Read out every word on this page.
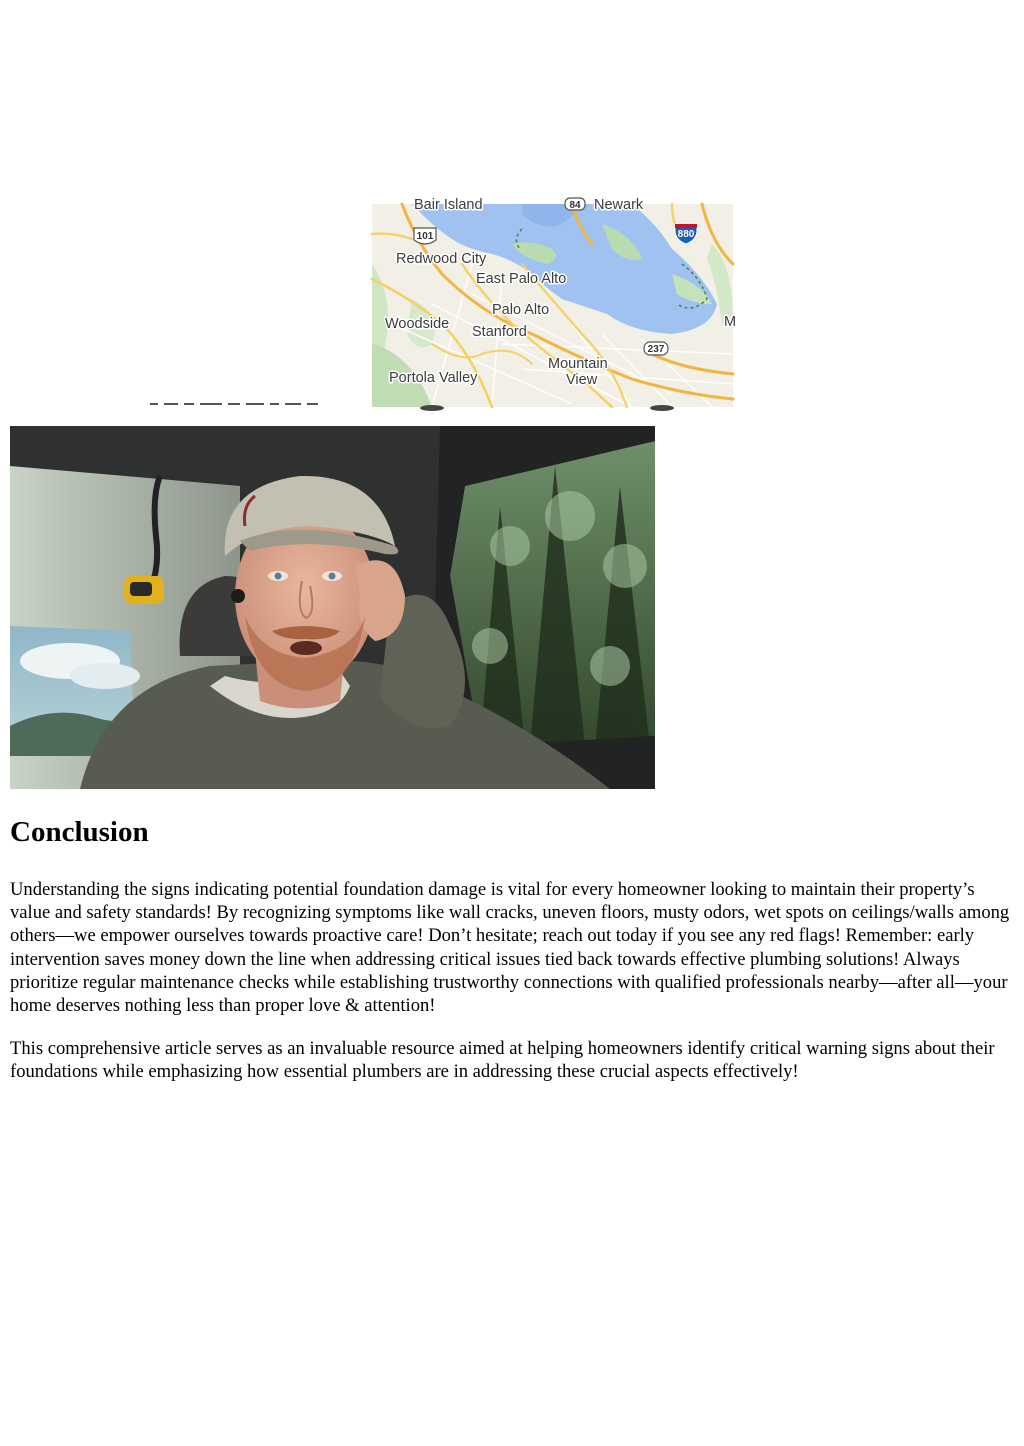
101	880
237
84
Bair Island	Newark
Redwood City
East Palo Alto
Palo Alto
Woodside Stanford
Mountain
View
Portola Valley
M
Conclusion

Understanding the signs indicating potential foundation damage is vital for every homeowner looking to maintain their property’s value and safety standards! By recognizing symptoms like wall cracks, uneven floors, musty odors, wet spots on ceilings/walls among others—we empower ourselves towards proactive care! Don’t hesitate; reach out today if you see any red flags! Remember: early intervention saves money down the line when addressing critical issues tied back towards effective plumbing solutions! Always prioritize regular maintenance checks while establishing trustworthy connections with qualified professionals nearby—after all—your home deserves nothing less than proper love & attention!

This comprehensive article serves as an invaluable resource aimed at helping homeowners identify critical warning signs about their foundations while emphasizing how essential plumbers are in addressing these crucial aspects effectively!
